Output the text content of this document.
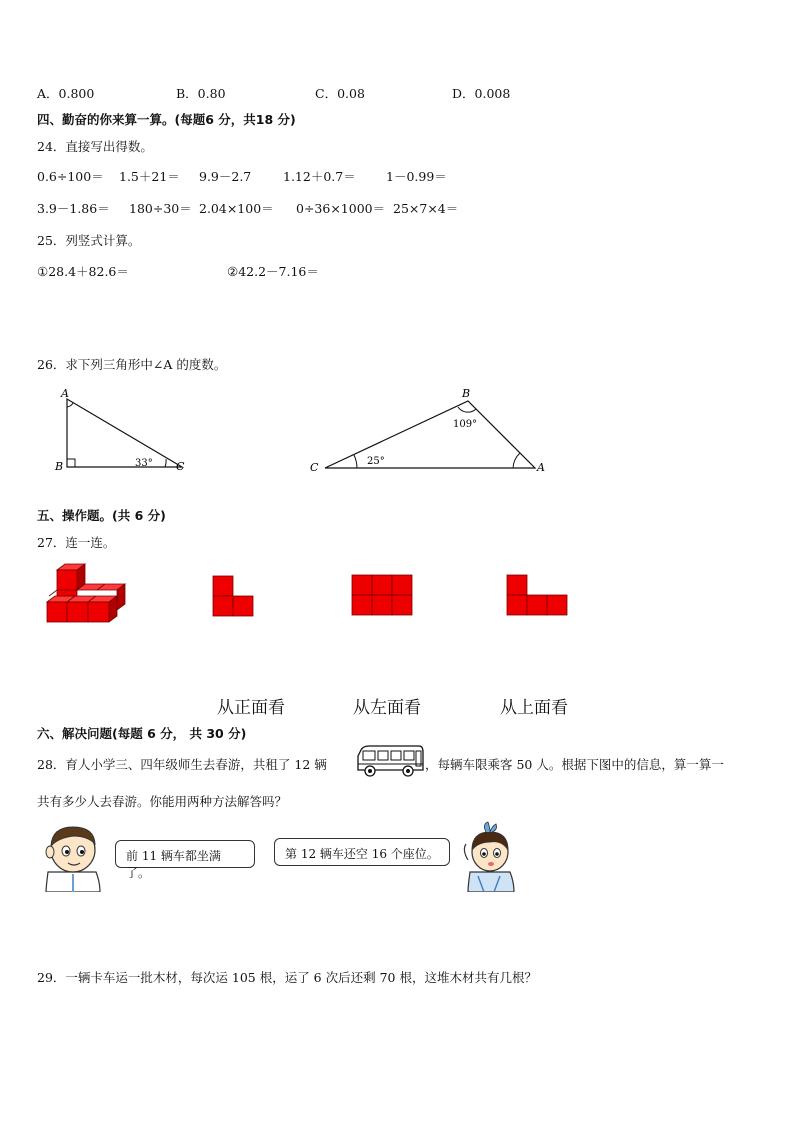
A．0.800	B．0.80	C．0.08	D．0.008
四、勤奋的你来算一算。(每题6 分，共18 分)
24．直接写出得数。
0.6÷100＝ 1.5＋21＝ 9.9－2.7	1.12＋0.7＝ 1－0.99＝
3.9－1.86＝ 180÷30＝ 2.04×100＝ 0÷36×1000＝ 25×7×4＝
25．列竖式计算。
①28.4＋82.6＝	②42.2－7.16＝
26．求下列三角形中∠A 的度数。
A
B	C
33°
B
C	A
109°
25°
五、操作题。(共 6 分)
27．连一连。
从正面看	从左面看	从上面看
六、解决问题(每题 6 分， 共 30 分)
28．育人小学三、四年级师生去春游，共租了 12 辆	，每辆车限乘客 50 人。根据下图中的信息，算一算一
共有多少人去春游。你能用两种方法解答吗？
前 11 辆车都坐满了。
第 12 辆车还空 16 个座位。
29．一辆卡车运一批木材，每次运 105 根，运了 6 次后还剩 70 根，这堆木材共有几根？
